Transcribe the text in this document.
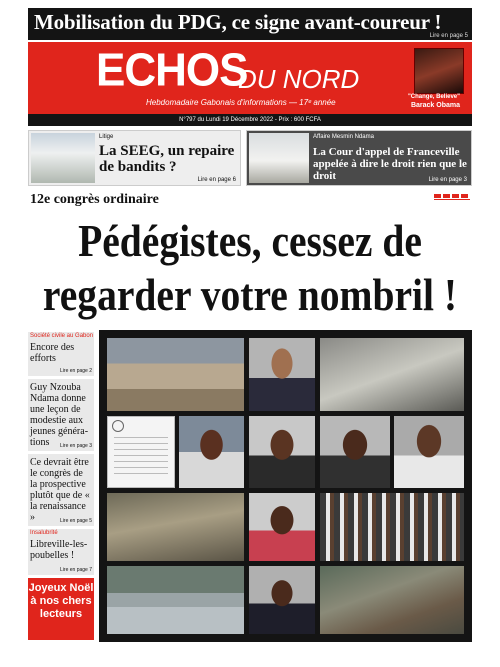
Mobilisation du PDG, ce signe avant-coureur !
Lire en page 5
ECHOS
DU NORD
Hebdomadaire Gabonais d'informations — 17ᵉ année
"Change, Believe"
Barack Obama
N°797 du Lundi 19 Décembre 2022 - Prix : 600 FCFA
Litige
La SEEG, un repaire de bandits ?
Lire en page 6
Affaire Mesmin Ndama
La Cour d'appel de Franceville appelée à dire le droit rien que le droit	Lire en page 3
12e congrès ordinaire
Pédégistes, cessez de
regarder votre nombril !
Société civile au Gabon
Encore des efforts
Lire en page 2
Guy Nzouba Ndama donne une leçon de modestie aux jeunes généra-tions	Lire en page 3
Ce devrait être le congrès de la prospective plutôt que de « la renaissance »	Lire en page 5
Insalubrité
Libreville-les-poubelles !
Lire en page 7
Joyeux Noël
à nos chers
lecteurs
